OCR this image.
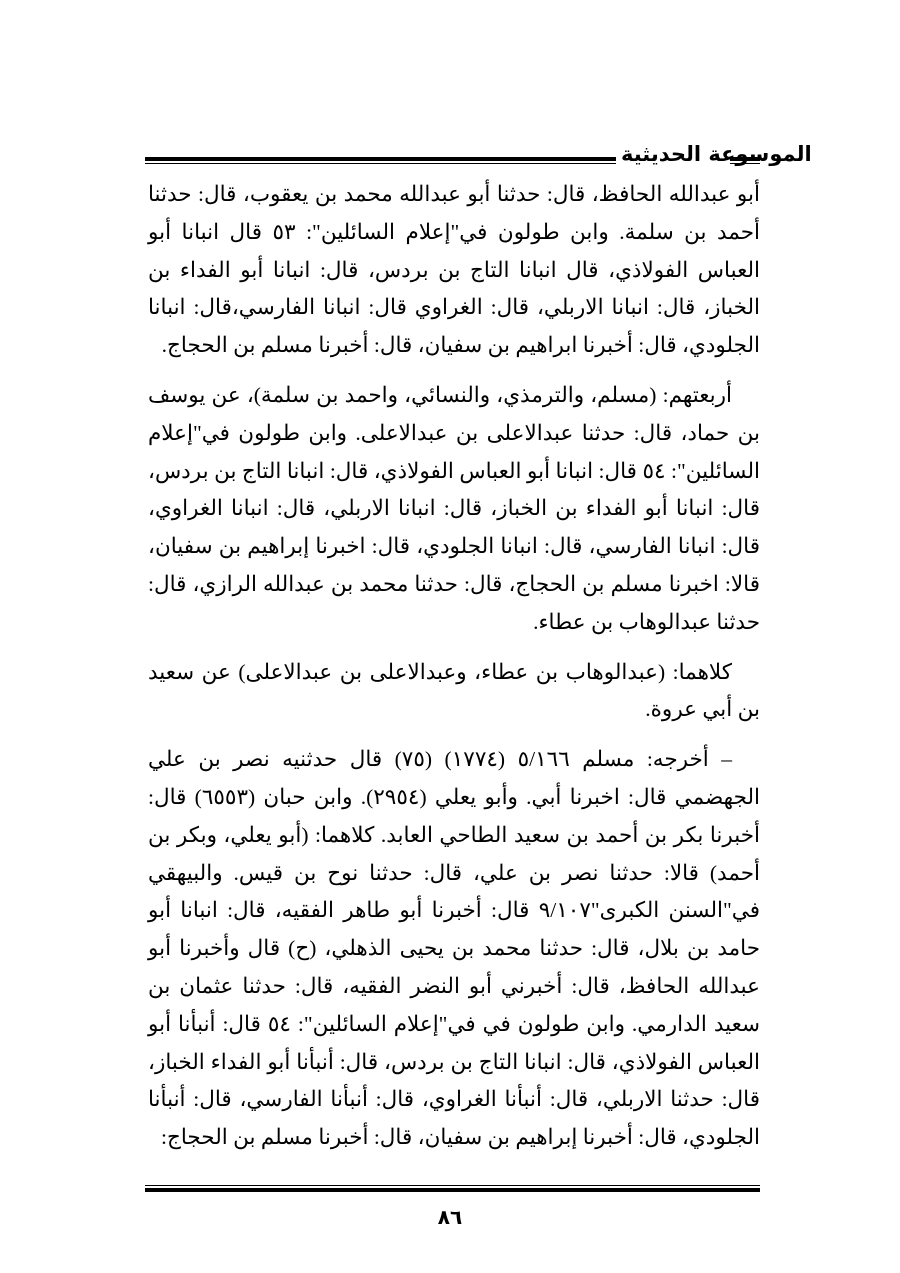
الموسوعة الحديثية

أبو عبدالله الحافظ، قال: حدثنا أبو عبدالله محمد بن يعقوب، قال: حدثنا أحمد بن سلمة. وابن طولون في"إعلام السائلين": ٥٣ قال انبانا أبو العباس الفولاذي، قال انبانا التاج بن بردس، قال: انبانا أبو الفداء بن الخباز، قال: انبانا الاربلي، قال: الغراوي قال: انبانا الفارسي،قال: انبانا الجلودي، قال: أخبرنا ابراهيم بن سفيان، قال: أخبرنا مسلم بن الحجاج.

أربعتهم: (مسلم، والترمذي، والنسائي، واحمد بن سلمة)، عن يوسف بن حماد، قال: حدثنا عبدالاعلى بن عبدالاعلى. وابن طولون في"إعلام السائلين": ٥٤ قال: انبانا أبو العباس الفولاذي، قال: انبانا التاج بن بردس، قال: انبانا أبو الفداء بن الخباز، قال: انبانا الاربلي، قال: انبانا الغراوي، قال: انبانا الفارسي، قال: انبانا الجلودي، قال: اخبرنا إبراهيم بن سفيان، قالا: اخبرنا مسلم بن الحجاج، قال: حدثنا محمد بن عبدالله الرازي، قال: حدثنا عبدالوهاب بن عطاء.

كلاهما: (عبدالوهاب بن عطاء، وعبدالاعلى بن عبدالاعلى) عن سعيد بن أبي عروة.

– أخرجه: مسلم ٥/١٦٦ (١٧٧٤) (٧٥) قال حدثنيه نصر بن علي الجهضمي قال: اخبرنا أبي. وأبو يعلي (٢٩٥٤). وابن حبان (٦٥٥٣) قال: أخبرنا بكر بن أحمد بن سعيد الطاحي العابد. كلاهما: (أبو يعلي، وبكر بن أحمد) قالا: حدثنا نصر بن علي، قال: حدثنا نوح بن قيس. والبيهقي في"السنن الكبرى"٩/١٠٧ قال: أخبرنا أبو طاهر الفقيه، قال: انبانا أبو حامد بن بلال، قال: حدثنا محمد بن يحيى الذهلي، (ح) قال وأخبرنا أبو عبدالله الحافظ، قال: أخبرني أبو النضر الفقيه، قال: حدثنا عثمان بن سعيد الدارمي. وابن طولون في في"إعلام السائلين": ٥٤ قال: أنبأنا أبو العباس الفولاذي، قال: انبانا التاج بن بردس، قال: أنبأنا أبو الفداء الخباز، قال: حدثنا الاربلي، قال: أنبأنا الغراوي، قال: أنبأنا الفارسي، قال: أنبأنا الجلودي، قال: أخبرنا إبراهيم بن سفيان، قال: أخبرنا مسلم بن الحجاج:

٨٦
